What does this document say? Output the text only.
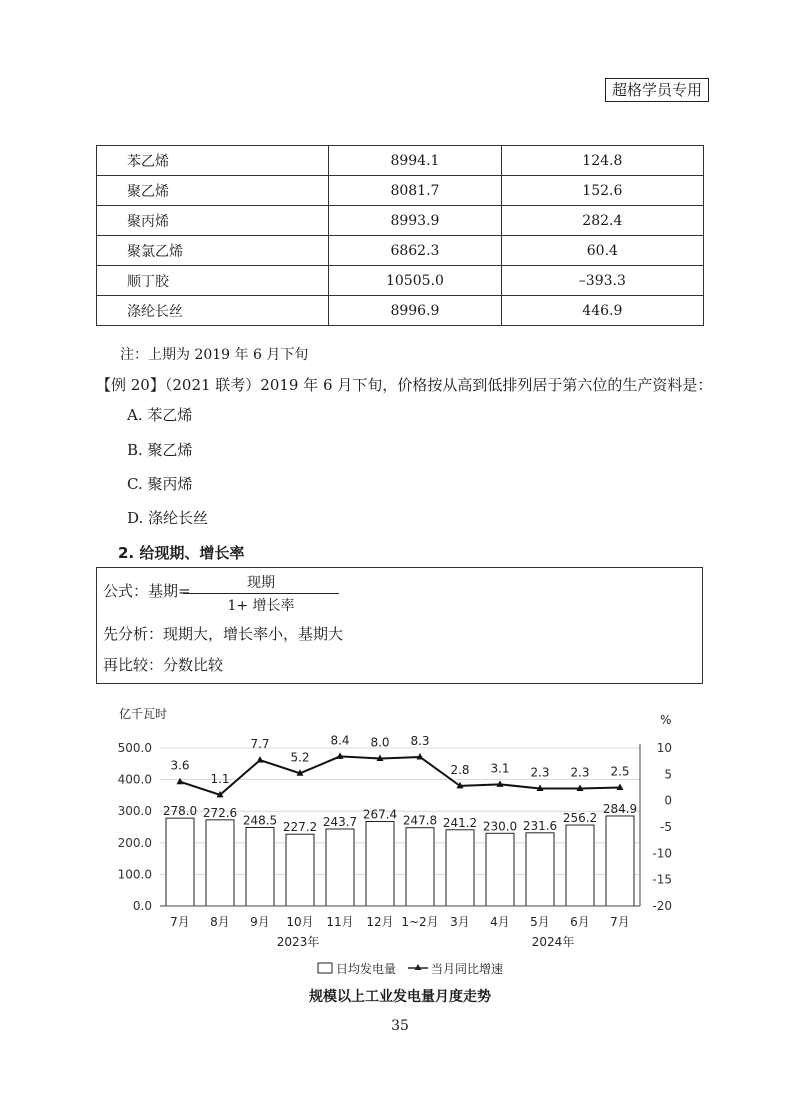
超格学员专用
苯乙烯	8994.1	124.8
聚乙烯	8081.7	152.6
聚丙烯	8993.9	282.4
聚氯乙烯	6862.3	60.4
顺丁胶	10505.0	–393.3
涤纶长丝	8996.9	446.9
注：上期为 2019 年 6 月下旬
【例 20】（2021 联考）2019 年 6 月下旬，价格按从高到低排列居于第六位的生产资料是：
A. 苯乙烯
B. 聚乙烯
C. 聚丙烯
D. 涤纶长丝
2. 给现期、增长率
公式：基期=	现期
1+ 增长率
先分析：现期大，增长率小，基期大
再比较：分数比较
亿千瓦时	%
278.0 272.6
248.5 227.2 243.7
267.4 247.8 241.2 230.0 231.6
256.2
284.9
3.6
1.1
7.7
5.2
8.4 8.0 8.3
2.8 3.1 2.3 2.3 2.5
500.0
400.0
300.0
200.0
100.0
0.0
10
5
0
-5
-10
-15
-20
7月 8月 9月 10月 11月 12月 1~2月 3月 4月 5月 6月 7月
2023年	2024年
日均发电量	当月同比增速
规模以上工业发电量月度走势
35
